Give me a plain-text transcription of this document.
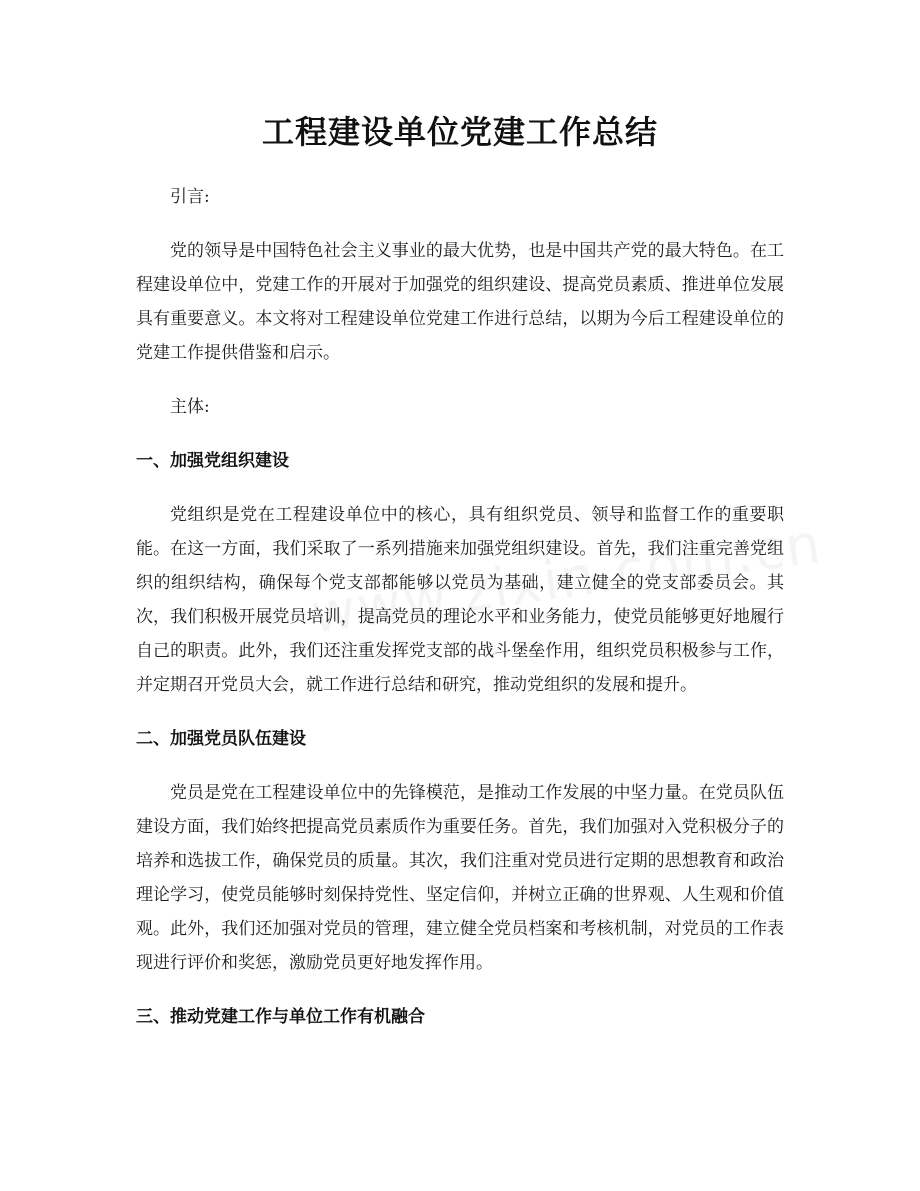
工程建设单位党建工作总结

引言:

党的领导是中国特色社会主义事业的最大优势，也是中国共产党的最大特色。在工程建设单位中，党建工作的开展对于加强党的组织建设、提高党员素质、推进单位发展具有重要意义。本文将对工程建设单位党建工作进行总结，以期为今后工程建设单位的党建工作提供借鉴和启示。

主体:

一、加强党组织建设

党组织是党在工程建设单位中的核心，具有组织党员、领导和监督工作的重要职能。在这一方面，我们采取了一系列措施来加强党组织建设。首先，我们注重完善党组织的组织结构，确保每个党支部都能够以党员为基础，建立健全的党支部委员会。其次，我们积极开展党员培训，提高党员的理论水平和业务能力，使党员能够更好地履行自己的职责。此外，我们还注重发挥党支部的战斗堡垒作用，组织党员积极参与工作，并定期召开党员大会，就工作进行总结和研究，推动党组织的发展和提升。

二、加强党员队伍建设

党员是党在工程建设单位中的先锋模范，是推动工作发展的中坚力量。在党员队伍建设方面，我们始终把提高党员素质作为重要任务。首先，我们加强对入党积极分子的培养和选拔工作，确保党员的质量。其次，我们注重对党员进行定期的思想教育和政治理论学习，使党员能够时刻保持党性、坚定信仰，并树立正确的世界观、人生观和价值观。此外，我们还加强对党员的管理，建立健全党员档案和考核机制，对党员的工作表现进行评价和奖惩，激励党员更好地发挥作用。

三、推动党建工作与单位工作有机融合
